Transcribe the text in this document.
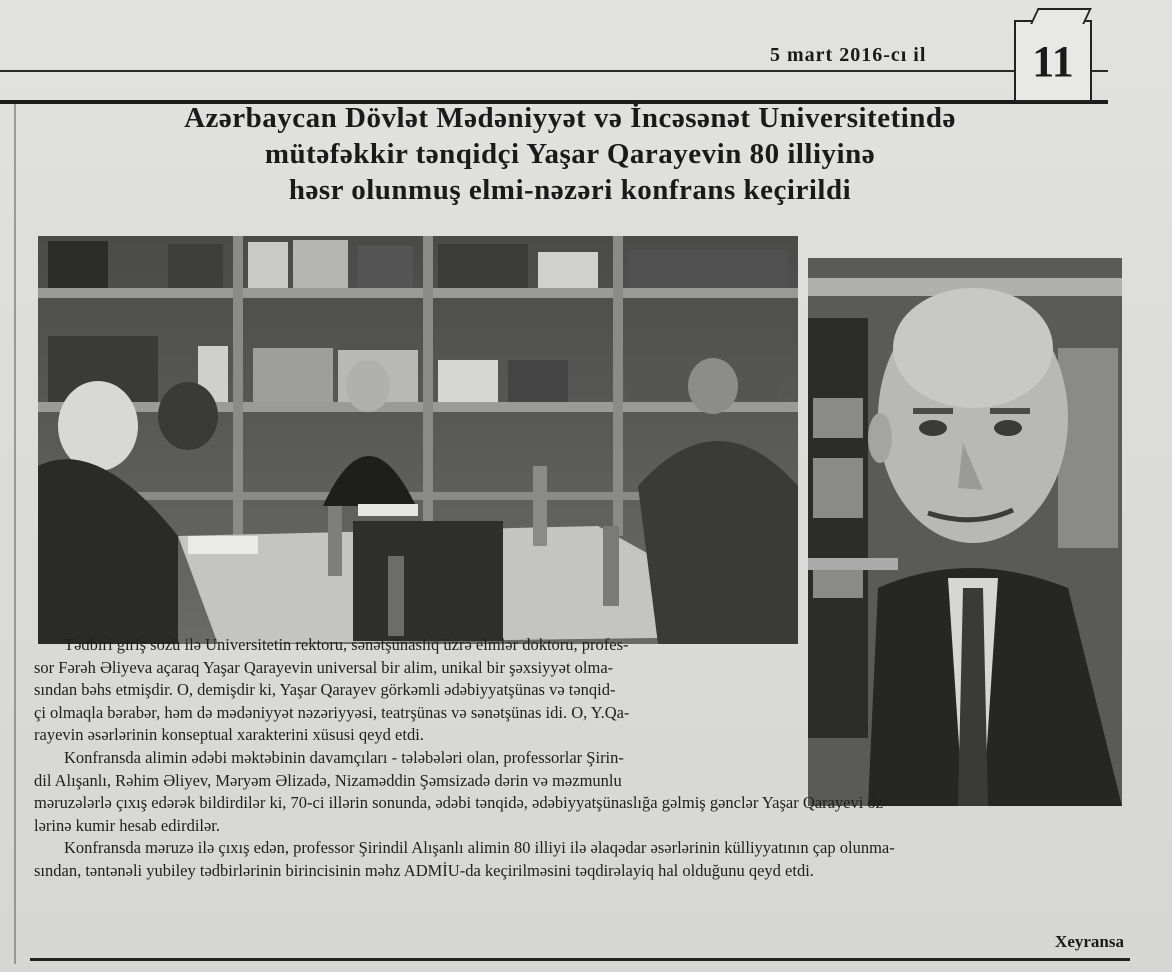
5 mart 2016-cı il	11
Azərbaycan Dövlət Mədəniyyət və İncəsənət Universitetində
mütəfəkkir tənqidçi Yaşar Qarayevin 80 illiyinə
həsr olunmuş elmi-nəzəri konfrans keçirildi

Tədbiri giriş sözü ilə Universitetin rektoru, sənətşünaslıq üzrə elmlər doktoru, profes-

sor Fərəh Əliyeva açaraq Yaşar Qarayevin universal bir alim, unikal bir şəxsiyyət olma-
sından bəhs etmişdir. O, demişdir ki, Yaşar Qarayev görkəmli ədəbiyyatşünas və tənqid-
çi olmaqla bərabər, həm də mədəniyyət nəzəriyyəsi, teatrşünas və sənətşünas idi. O, Y.Qa-
rayevin əsərlərinin konseptual xarakterini xüsusi qeyd etdi.

Konfransda alimin ədəbi məktəbinin davamçıları - tələbələri olan, professorlar Şirin-

dil Alışanlı, Rəhim Əliyev, Məryəm Əlizadə, Nizaməddin Şəmsizadə dərin və məzmunlu
məruzələrlə çıxış edərək bildirdilər ki, 70-ci illərin sonunda, ədəbi tənqidə, ədəbiyyatşünaslığa gəlmiş gənclər Yaşar Qarayevi öz-
lərinə kumir hesab edirdilər.

Konfransda məruzə ilə çıxış edən, professor Şirindil Alışanlı alimin 80 illiyi ilə əlaqədar əsərlərinin külliyyatının çap olunma-

sından, təntənəli yubiley tədbirlərinin birincisinin məhz ADMİU-da keçirilməsini təqdirəlayiq hal olduğunu qeyd etdi.
Xeyransa
